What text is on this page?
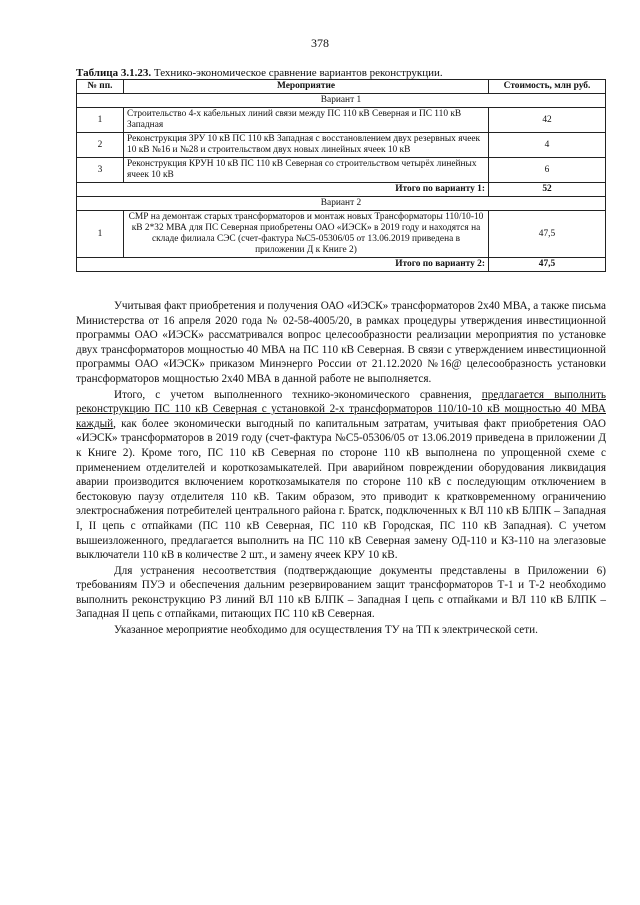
378
Таблица 3.1.23. Технико-экономическое сравнение вариантов реконструкции.
№ пп.	Мероприятие	Стоимость, млн руб.
Вариант 1		
1	Строительство 4-х кабельных линий связи между ПС 110 кВ Северная и ПС 110 кВ Западная	42
2	Реконструкция ЗРУ 10 кВ ПС 110 кВ Западная с восстановлением двух резервных ячеек 10 кВ №16 и №28 и строительством двух новых линейных ячеек 10 кВ	4
3	Реконструкция КРУН 10 кВ ПС 110 кВ Северная со строительством четырёх линейных ячеек 10 кВ	6
Итого по варианту 1:		52
Вариант 2		
1	СМР на демонтаж старых трансформаторов и монтаж новых Трансформаторы 110/10-10 кВ 2*32 МВА для ПС Северная приобретены ОАО «ИЭСК» в 2019 году и находятся на складе филиала СЭС (счет-фактура №С5-05306/05 от 13.06.2019 приведена в приложении Д к Книге 2)	47,5
Итого по варианту 2:		47,5

Учитывая факт приобретения и получения ОАО «ИЭСК» трансформаторов 2х40 МВА, а также письма Министерства от 16 апреля 2020 года № 02-58-4005/20, в рамках процедуры утверждения инвестиционной программы ОАО «ИЭСК» рассматривался вопрос целесообразности реализации мероприятия по установке двух трансформаторов мощностью 40 МВА на ПС 110 кВ Северная. В связи с утверждением инвестиционной программы ОАО «ИЭСК» приказом Минэнерго России от 21.12.2020 №16@ целесообразность установки трансформаторов мощностью 2х40 МВА в данной работе не выполняется.

Итого, с учетом выполненного технико-экономического сравнения, предлагается выполнить реконструкцию ПС 110 кВ Северная с установкой 2-х трансформаторов 110/10-10 кВ мощностью 40 МВА каждый, как более экономически выгодный по капитальным затратам, учитывая факт приобретения ОАО «ИЭСК» трансформаторов в 2019 году (счет-фактура №С5-05306/05 от 13.06.2019 приведена в приложении Д к Книге 2). Кроме того, ПС 110 кВ Северная по стороне 110 кВ выполнена по упрощенной схеме с применением отделителей и короткозамыкателей. При аварийном повреждении оборудования ликвидация аварии производится включением короткозамыкателя по стороне 110 кВ с последующим отключением в бестоковую паузу отделителя 110 кВ. Таким образом, это приводит к кратковременному ограничению электроснабжения потребителей центрального района г. Братск, подключенных к ВЛ 110 кВ БЛПК – Западная I, II цепь с отпайками (ПС 110 кВ Северная, ПС 110 кВ Городская, ПС 110 кВ Западная). С учетом вышеизложенного, предлагается выполнить на ПС 110 кВ Северная замену ОД-110 и КЗ-110 на элегазовые выключатели 110 кВ в количестве 2 шт., и замену ячеек КРУ 10 кВ.

Для устранения несоответствия (подтверждающие документы представлены в Приложении 6) требованиям ПУЭ и обеспечения дальним резервированием защит трансформаторов Т-1 и Т-2 необходимо выполнить реконструкцию РЗ линий ВЛ 110 кВ БЛПК – Западная I цепь с отпайками и ВЛ 110 кВ БЛПК – Западная II цепь с отпайками, питающих ПС 110 кВ Северная.

Указанное мероприятие необходимо для осуществления ТУ на ТП к электрической сети.
